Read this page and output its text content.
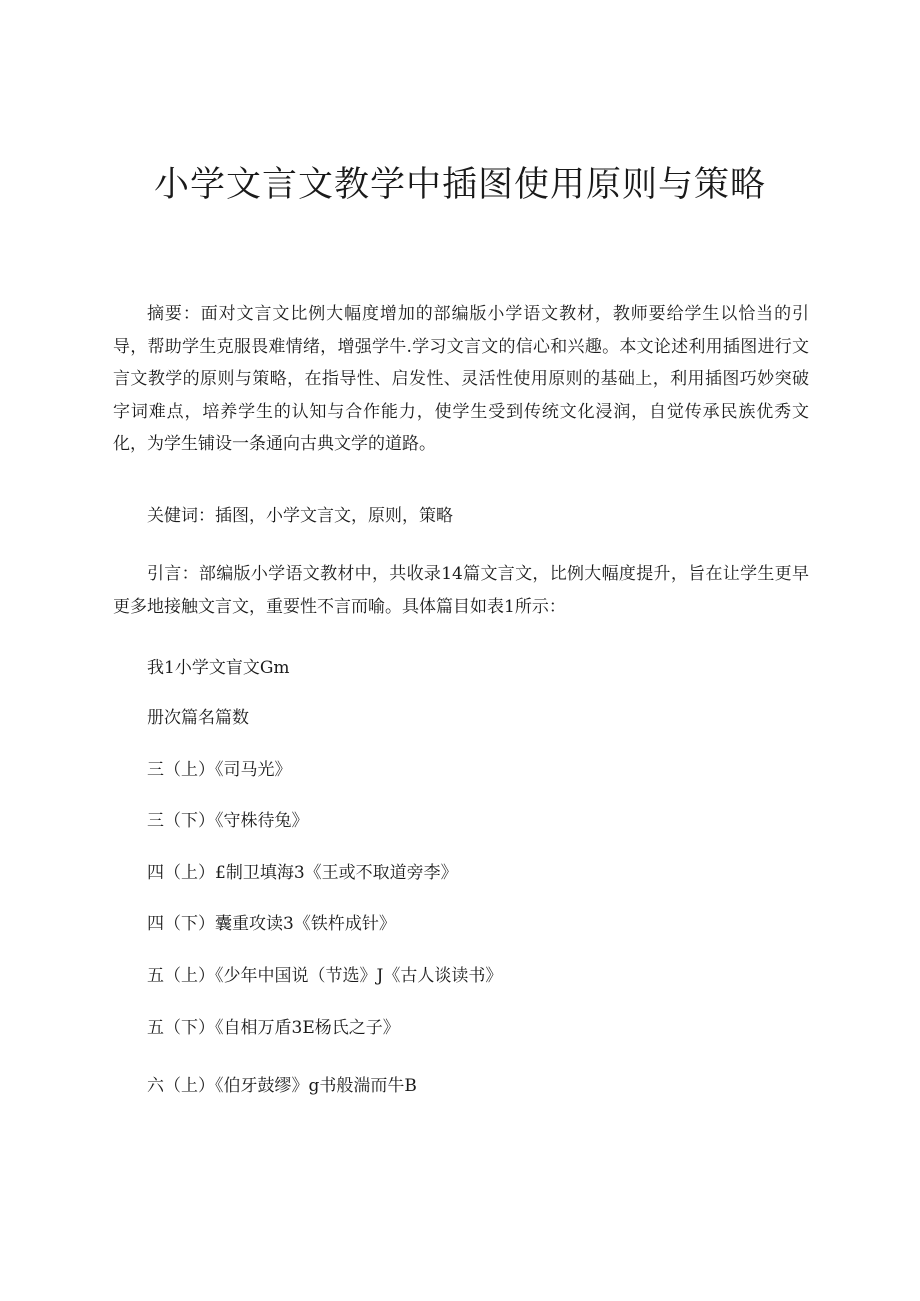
小学文言文教学中插图使用原则与策略

摘要：面对文言文比例大幅度增加的部编版小学语文教材，教师要给学生以恰当的引导，帮助学生克服畏难情绪，增强学牛.学习文言文的信心和兴趣。本文论述利用插图进行文言文教学的原则与策略，在指导性、启发性、灵活性使用原则的基础上，利用插图巧妙突破字词难点，培养学生的认知与合作能力，使学生受到传统文化浸润，自觉传承民族优秀文化，为学生铺设一条通向古典文学的道路。

关健词：插图，小学文言文，原则，策略

引言：部编版小学语文教材中，共收录14篇文言文，比例大幅度提升，旨在让学生更早更多地接触文言文，重要性不言而喻。具体篇目如表1所示：

我1小学文盲文Gm

册次篇名篇数

三（上）《司马光》

三（下）《守株待兔》

四（上）£制卫填海3《王或不取道旁李》

四（下）囊重攻读3《铁杵成针》

五（上）《少年中国说（节选》J《古人谈读书》

五（下）《自相万盾3E杨氏之子》

六（上）《伯牙鼓缪》g书般湍而牛B
